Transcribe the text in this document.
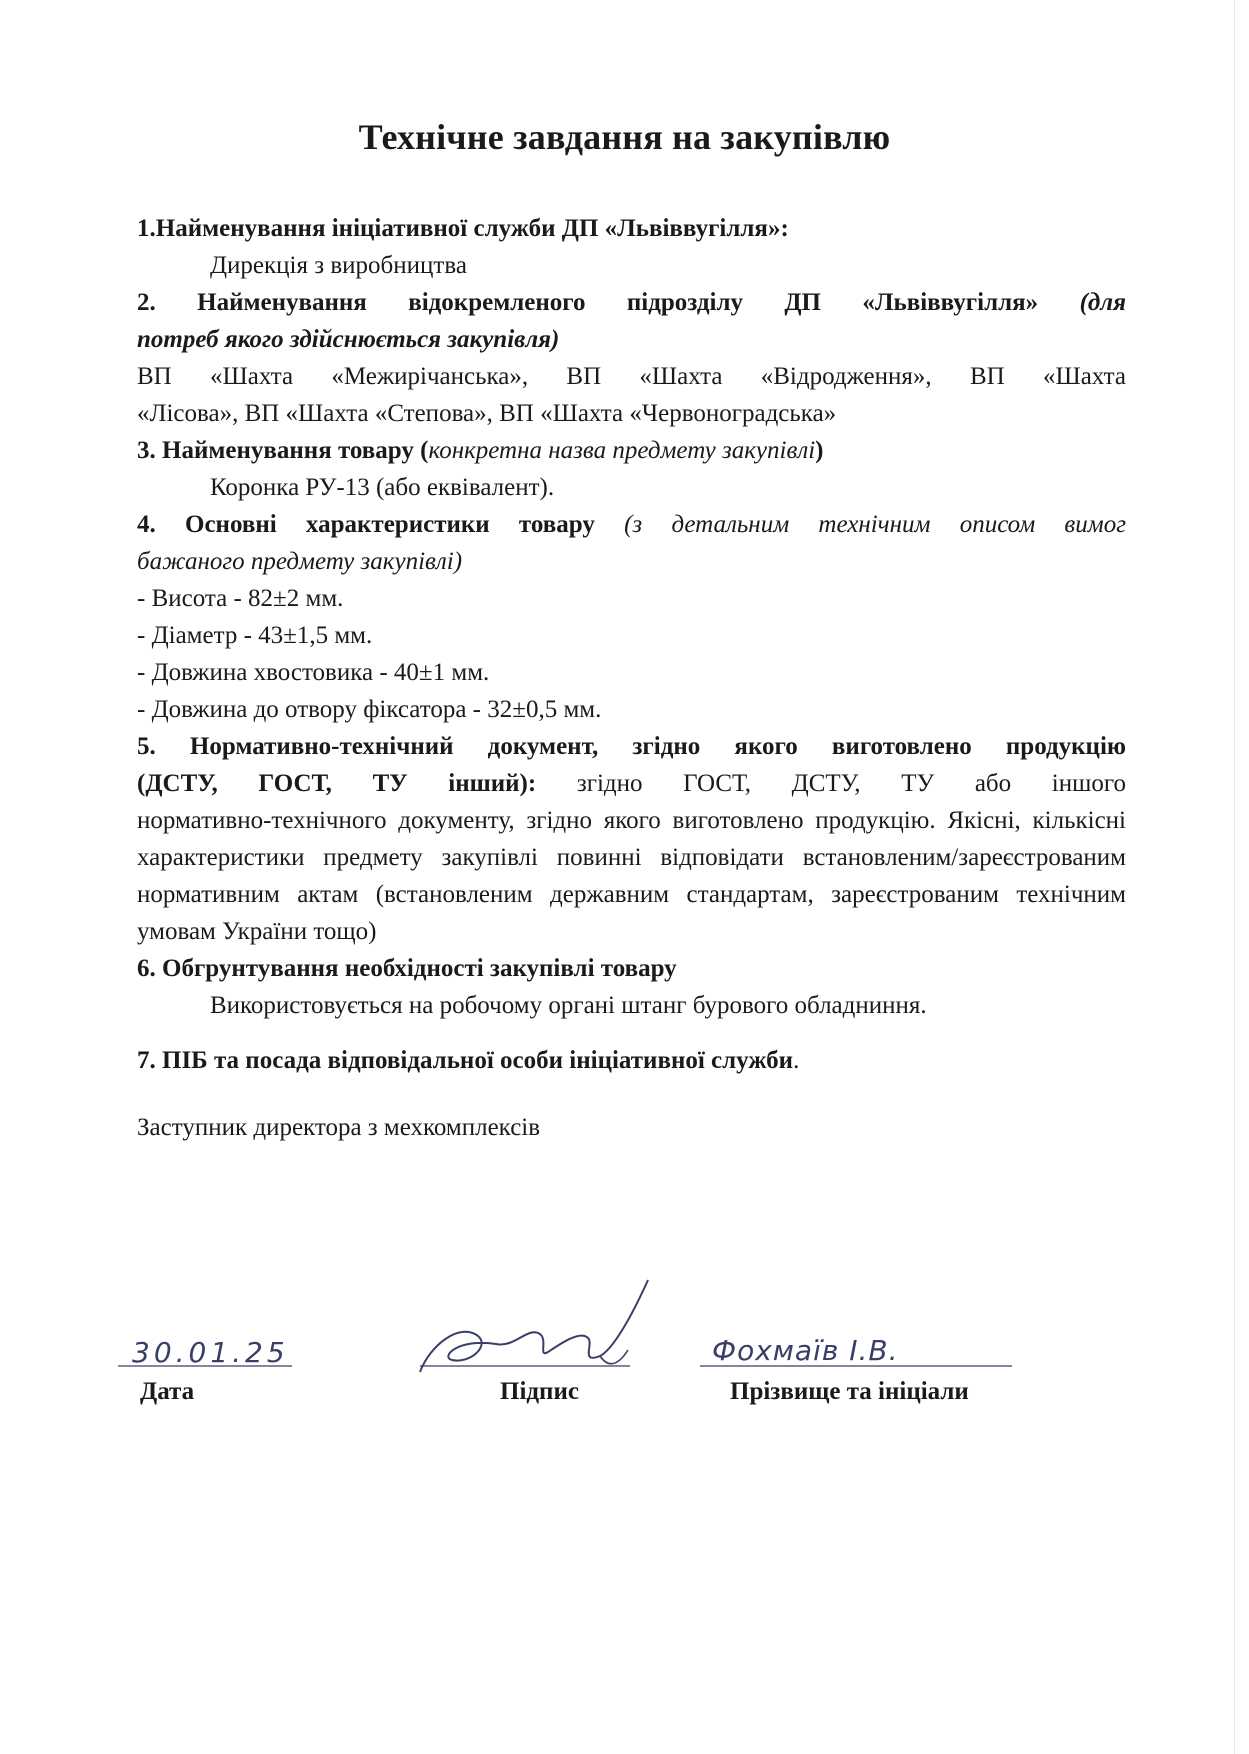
Технічне завдання на закупівлю

1.Найменування ініціативної служби ДП «Львіввугілля»:

Дирекція з виробництва

2. Найменування відокремленого підрозділу ДП «Львіввугілля» (для

потреб якого здійснюється закупівля)

ВП «Шахта «Межирічанська», ВП «Шахта «Відродження», ВП «Шахта

«Лісова», ВП «Шахта «Степова», ВП «Шахта «Червоноградська»

3. Найменування товару (конкретна назва предмету закупівлі)

Коронка РУ-13 (або еквівалент).

4. Основні характеристики товару (з детальним технічним описом вимог

бажаного предмету закупівлі)

- Висота - 82±2 мм.

- Діаметр - 43±1,5 мм.

- Довжина хвостовика - 40±1 мм.

- Довжина до отвору фіксатора - 32±0,5 мм.

5. Нормативно-технічний документ, згідно якого виготовлено продукцію

(ДСТУ, ГОСТ, ТУ інший): згідно ГОСТ, ДСТУ, ТУ або іншого

нормативно-технічного документу, згідно якого виготовлено продукцію. Якісні, кількісні характеристики предмету закупівлі повинні відповідати встановленим/зареєстрованим нормативним актам (встановленим державним стандартам, зареєстрованим технічним умовам України тощо)

6. Обгрунтування необхідності закупівлі товару

Використовується на робочому органі штанг бурового обладниння.

7. ПІБ та посада відповідальної особи ініціативної служби.

Заступник директора з мехкомплексів

30.01.25	Фохмаїв І.В.
Дата	Підпис	Прізвище та ініціали
